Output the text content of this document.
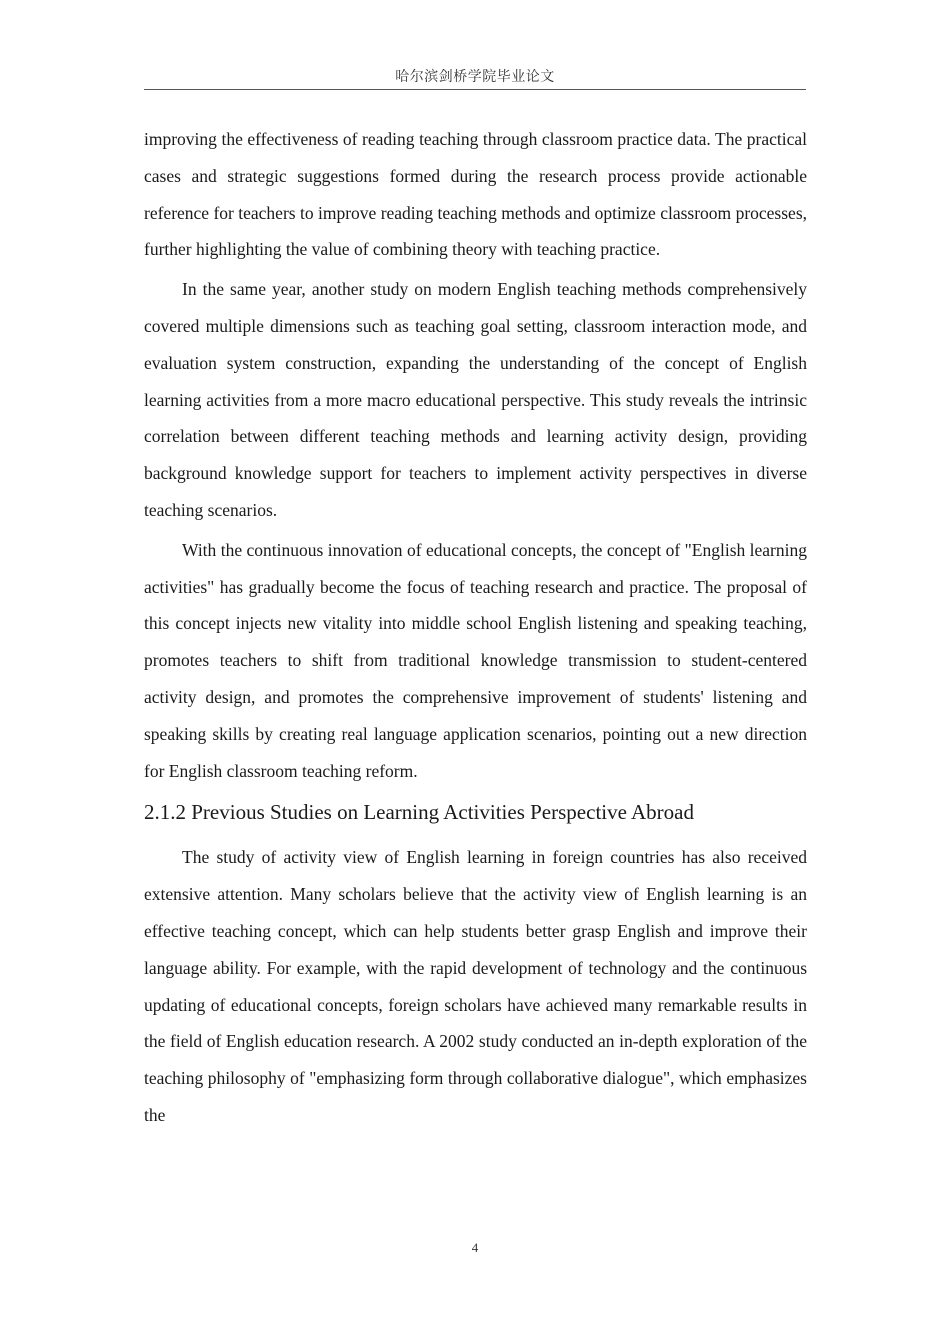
哈尔滨剑桥学院毕业论文

improving the effectiveness of reading teaching through classroom practice data. The practical cases and strategic suggestions formed during the research process provide actionable reference for teachers to improve reading teaching methods and optimize classroom processes, further highlighting the value of combining theory with teaching practice.

In the same year, another study on modern English teaching methods comprehensively covered multiple dimensions such as teaching goal setting, classroom interaction mode, and evaluation system construction, expanding the understanding of the concept of English learning activities from a more macro educational perspective. This study reveals the intrinsic correlation between different teaching methods and learning activity design, providing background knowledge support for teachers to implement activity perspectives in diverse teaching scenarios.

With the continuous innovation of educational concepts, the concept of "English learning activities" has gradually become the focus of teaching research and practice. The proposal of this concept injects new vitality into middle school English listening and speaking teaching, promotes teachers to shift from traditional knowledge transmission to student-centered activity design, and promotes the comprehensive improvement of students' listening and speaking skills by creating real language application scenarios, pointing out a new direction for English classroom teaching reform.

2.1.2 Previous Studies on Learning Activities Perspective Abroad

The study of activity view of English learning in foreign countries has also received extensive attention. Many scholars believe that the activity view of English learning is an effective teaching concept, which can help students better grasp English and improve their language ability. For example, with the rapid development of technology and the continuous updating of educational concepts, foreign scholars have achieved many remarkable results in the field of English education research. A 2002 study conducted an in-depth exploration of the teaching philosophy of "emphasizing form through collaborative dialogue", which emphasizes the

4
